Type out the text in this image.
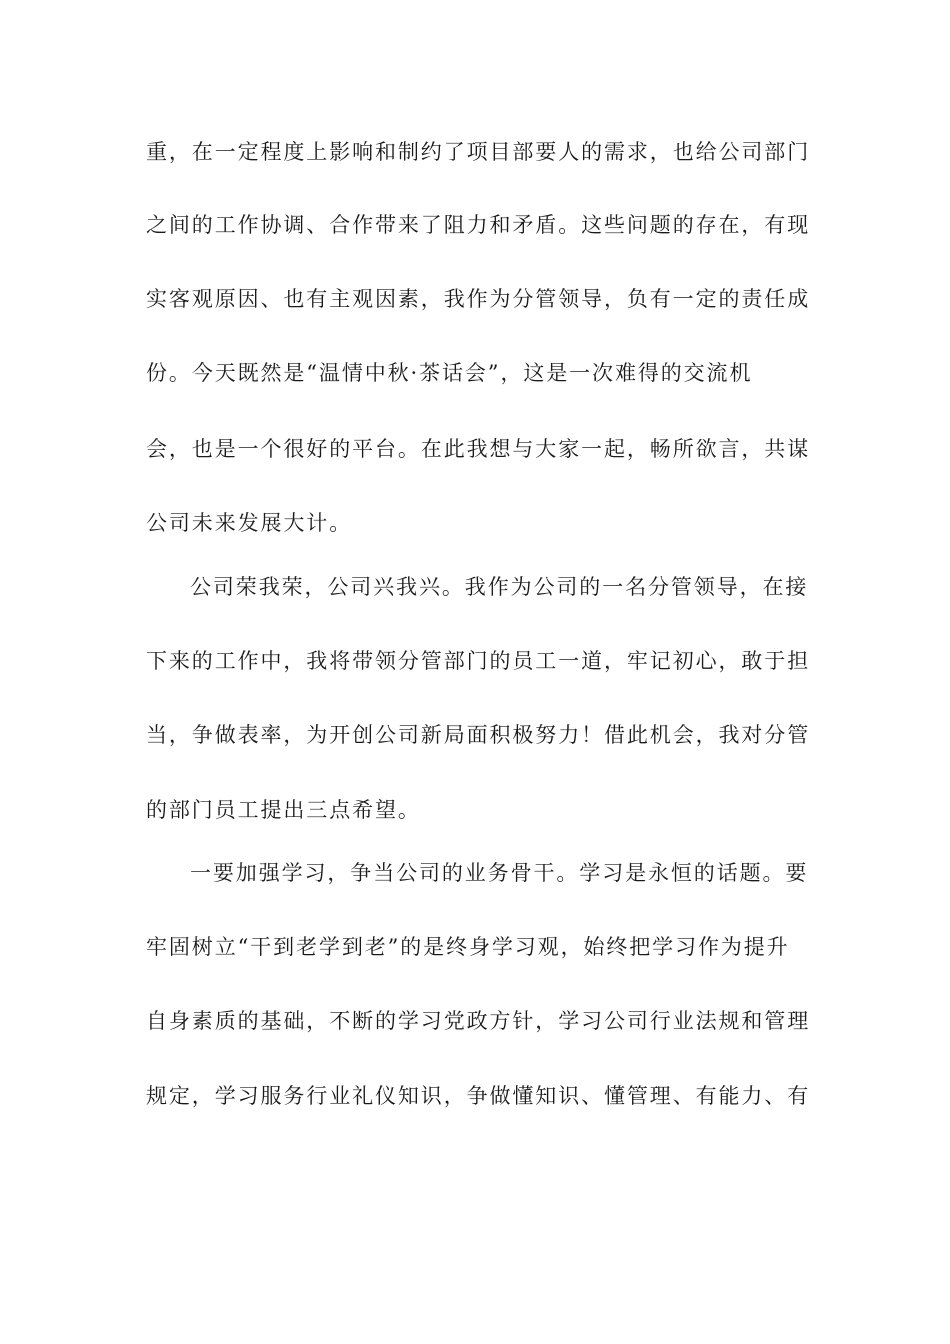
重，在一定程度上影响和制约了项目部要人的需求，也给公司部门
之间的工作协调、合作带来了阻力和矛盾。这些问题的存在，有现
实客观原因、也有主观因素，我作为分管领导，负有一定的责任成
份。今天既然是“温情中秋·茶话会”，这是一次难得的交流机
会，也是一个很好的平台。在此我想与大家一起，畅所欲言，共谋
公司未来发展大计。
公司荣我荣，公司兴我兴。我作为公司的一名分管领导，在接
下来的工作中，我将带领分管部门的员工一道，牢记初心，敢于担
当，争做表率，为开创公司新局面积极努力！借此机会，我对分管
的部门员工提出三点希望。
一要加强学习，争当公司的业务骨干。学习是永恒的话题。要
牢固树立“干到老学到老”的是终身学习观，始终把学习作为提升
自身素质的基础，不断的学习党政方针，学习公司行业法规和管理
规定，学习服务行业礼仪知识，争做懂知识、懂管理、有能力、有
